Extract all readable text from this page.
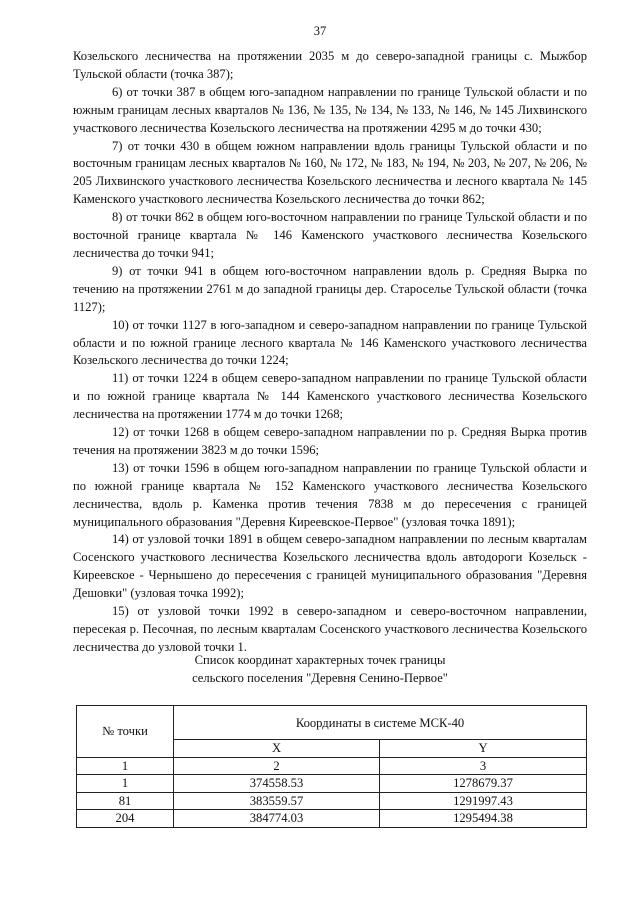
37

Козельского лесничества на протяжении 2035 м до северо-западной границы с. Мыжбор Тульской области (точка 387);

6) от точки 387 в общем юго-западном направлении по границе Тульской области и по южным границам лесных кварталов № 136, № 135, № 134, № 133, № 146, № 145 Лихвинского участкового лесничества Козельского лесничества на протяжении 4295 м до точки 430;

7) от точки 430 в общем южном направлении вдоль границы Тульской области и по восточным границам лесных кварталов № 160, № 172, № 183, № 194, № 203, № 207, № 206, № 205 Лихвинского участкового лесничества Козельского лесничества и лесного квартала № 145 Каменского участкового лесничества Козельского лесничества до точки 862;

8) от точки 862 в общем юго-восточном направлении по границе Тульской области и по восточной границе квартала № 146 Каменского участкового лесничества Козельского лесничества до точки 941;

9) от точки 941 в общем юго-восточном направлении вдоль р. Средняя Вырка по течению на протяжении 2761 м до западной границы дер. Староселье Тульской области (точка 1127);

10) от точки 1127 в юго-западном и северо-западном направлении по границе Тульской области и по южной границе лесного квартала № 146 Каменского участкового лесничества Козельского лесничества до точки 1224;

11) от точки 1224 в общем северо-западном направлении по границе Тульской области и по южной границе квартала № 144 Каменского участкового лесничества Козельского лесничества на протяжении 1774 м до точки 1268;

12) от точки 1268 в общем северо-западном направлении по р. Средняя Вырка против течения на протяжении 3823 м до точки 1596;

13) от точки 1596 в общем юго-западном направлении по границе Тульской области и по южной границе квартала № 152 Каменского участкового лесничества Козельского лесничества, вдоль р. Каменка против течения 7838 м до пересечения с границей муниципального образования "Деревня Киреевское-Первое" (узловая точка 1891);

14) от узловой точки 1891 в общем северо-западном направлении по лесным кварталам Сосенского участкового лесничества Козельского лесничества вдоль автодороги Козельск - Киреевское - Чернышено до пересечения с границей муниципального образования "Деревня Дешовки" (узловая точка 1992);

15) от узловой точки 1992 в северо-западном и северо-восточном направлении, пересекая р. Песочная, по лесным кварталам Сосенского участкового лесничества Козельского лесничества до узловой точки 1.

Список координат характерных точек границы
сельского поселения "Деревня Сенино-Первое"
№ точки	Координаты в системе МСК-40	
	X	Y
1	2	3
1	374558.53	1278679.37
81	383559.57	1291997.43
204	384774.03	1295494.38
